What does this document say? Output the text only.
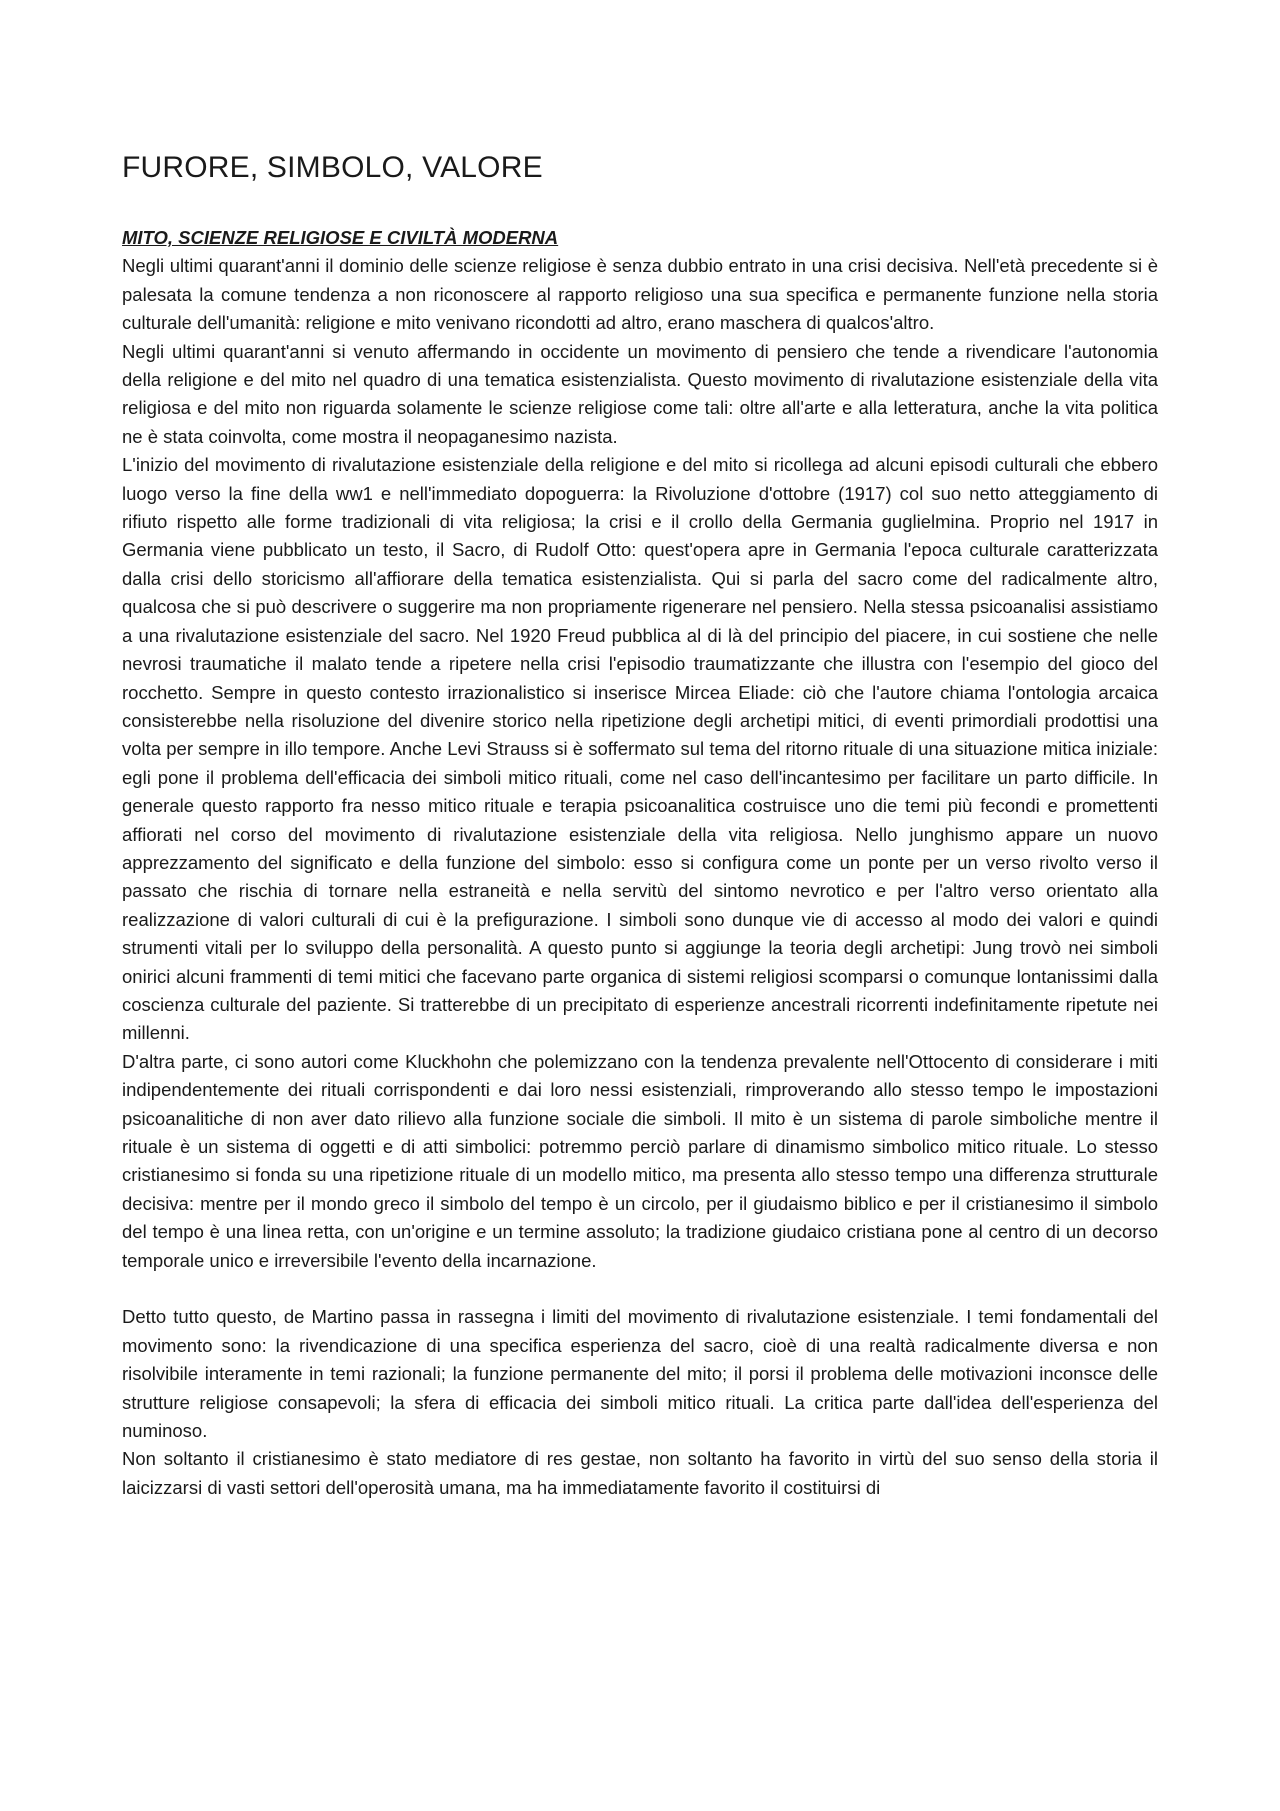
FURORE, SIMBOLO, VALORE
MITO, SCIENZE RELIGIOSE E CIVILTÀ MODERNA

Negli ultimi quarant'anni il dominio delle scienze religiose è senza dubbio entrato in una crisi decisiva. Nell'età precedente si è palesata la comune tendenza a non riconoscere al rapporto religioso una sua specifica e permanente funzione nella storia culturale dell'umanità: religione e mito venivano ricondotti ad altro, erano maschera di qualcos'altro.

Negli ultimi quarant'anni si venuto affermando in occidente un movimento di pensiero che tende a rivendicare l'autonomia della religione e del mito nel quadro di una tematica esistenzialista. Questo movimento di rivalutazione esistenziale della vita religiosa e del mito non riguarda solamente le scienze religiose come tali: oltre all'arte e alla letteratura, anche la vita politica ne è stata coinvolta, come mostra il neopaganesimo nazista.

L'inizio del movimento di rivalutazione esistenziale della religione e del mito si ricollega ad alcuni episodi culturali che ebbero luogo verso la fine della ww1 e nell'immediato dopoguerra: la Rivoluzione d'ottobre (1917) col suo netto atteggiamento di rifiuto rispetto alle forme tradizionali di vita religiosa; la crisi e il crollo della Germania guglielmina. Proprio nel 1917 in Germania viene pubblicato un testo, il Sacro, di Rudolf Otto: quest'opera apre in Germania l'epoca culturale caratterizzata dalla crisi dello storicismo all'affiorare della tematica esistenzialista. Qui si parla del sacro come del radicalmente altro, qualcosa che si può descrivere o suggerire ma non propriamente rigenerare nel pensiero. Nella stessa psicoanalisi assistiamo a una rivalutazione esistenziale del sacro. Nel 1920 Freud pubblica al di là del principio del piacere, in cui sostiene che nelle nevrosi traumatiche il malato tende a ripetere nella crisi l'episodio traumatizzante che illustra con l'esempio del gioco del rocchetto. Sempre in questo contesto irrazionalistico si inserisce Mircea Eliade: ciò che l'autore chiama l'ontologia arcaica consisterebbe nella risoluzione del divenire storico nella ripetizione degli archetipi mitici, di eventi primordiali prodottisi una volta per sempre in illo tempore. Anche Levi Strauss si è soffermato sul tema del ritorno rituale di una situazione mitica iniziale: egli pone il problema dell'efficacia dei simboli mitico rituali, come nel caso dell'incantesimo per facilitare un parto difficile. In generale questo rapporto fra nesso mitico rituale e terapia psicoanalitica costruisce uno die temi più fecondi e promettenti affiorati nel corso del movimento di rivalutazione esistenziale della vita religiosa. Nello junghismo appare un nuovo apprezzamento del significato e della funzione del simbolo: esso si configura come un ponte per un verso rivolto verso il passato che rischia di tornare nella estraneità e nella servitù del sintomo nevrotico e per l'altro verso orientato alla realizzazione di valori culturali di cui è la prefigurazione. I simboli sono dunque vie di accesso al modo dei valori e quindi strumenti vitali per lo sviluppo della personalità. A questo punto si aggiunge la teoria degli archetipi: Jung trovò nei simboli onirici alcuni frammenti di temi mitici che facevano parte organica di sistemi religiosi scomparsi o comunque lontanissimi dalla coscienza culturale del paziente. Si tratterebbe di un precipitato di esperienze ancestrali ricorrenti indefinitamente ripetute nei millenni.

D'altra parte, ci sono autori come Kluckhohn che polemizzano con la tendenza prevalente nell'Ottocento di considerare i miti indipendentemente dei rituali corrispondenti e dai loro nessi esistenziali, rimproverando allo stesso tempo le impostazioni psicoanalitiche di non aver dato rilievo alla funzione sociale die simboli. Il mito è un sistema di parole simboliche mentre il rituale è un sistema di oggetti e di atti simbolici: potremmo perciò parlare di dinamismo simbolico mitico rituale. Lo stesso cristianesimo si fonda su una ripetizione rituale di un modello mitico, ma presenta allo stesso tempo una differenza strutturale decisiva: mentre per il mondo greco il simbolo del tempo è un circolo, per il giudaismo biblico e per il cristianesimo il simbolo del tempo è una linea retta, con un'origine e un termine assoluto; la tradizione giudaico cristiana pone al centro di un decorso temporale unico e irreversibile l'evento della incarnazione.

Detto tutto questo, de Martino passa in rassegna i limiti del movimento di rivalutazione esistenziale. I temi fondamentali del movimento sono: la rivendicazione di una specifica esperienza del sacro, cioè di una realtà radicalmente diversa e non risolvibile interamente in temi razionali; la funzione permanente del mito; il porsi il problema delle motivazioni inconsce delle strutture religiose consapevoli; la sfera di efficacia dei simboli mitico rituali. La critica parte dall'idea dell'esperienza del numinoso.

Non soltanto il cristianesimo è stato mediatore di res gestae, non soltanto ha favorito in virtù del suo senso della storia il laicizzarsi di vasti settori dell'operosità umana, ma ha immediatamente favorito il costituirsi di
